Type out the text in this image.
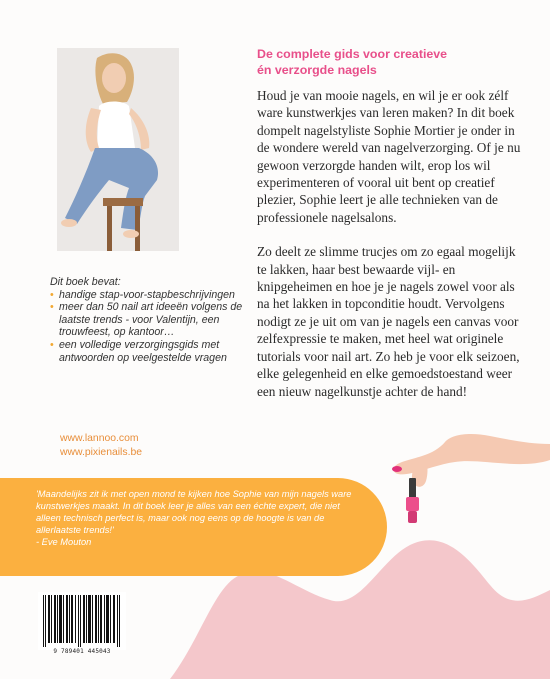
De complete gids voor creatieve
én verzorgde nagels

Houd je van mooie nagels, en wil je er ook zélf ware kunstwerkjes van leren maken? In dit boek dompelt nagelstyliste Sophie Mortier je onder in de wondere wereld van nagelverzorging. Of je nu gewoon verzorgde handen wilt, erop los wil experimenteren of vooral uit bent op creatief plezier, Sophie leert je alle technieken van de professionele nagelsalons.

Zo deelt ze slimme trucjes om zo egaal mogelijk te lakken, haar best bewaarde vijl- en knipgeheimen en hoe je je nagels zowel voor als na het lakken in topconditie houdt. Vervolgens nodigt ze je uit om van je nagels een canvas voor zelfexpressie te maken, met heel wat originele tutorials voor nail art. Zo heb je voor elk seizoen, elke gelegenheid en elke gemoedstoestand weer een nieuw nagelkunstje achter de hand!

Dit boek bevat:
• handige stap-voor-stapbeschrijvingen
• meer dan 50 nail art ideeën volgens de laatste trends - voor Valentijn, een trouwfeest, op kantoor…
• een volledige verzorgingsgids met antwoorden op veelgestelde vragen
www.lannoo.com
www.pixienails.be

'Maandelijks zit ik met open mond te kijken hoe Sophie van mijn nagels ware kunstwerkjes maakt. In dit boek leer je alles van een échte expert, die niet alleen technisch perfect is, maar ook nog eens op de hoogte is van de allerlaatste trends!'

- Eve Mouton

9 789401 445043
